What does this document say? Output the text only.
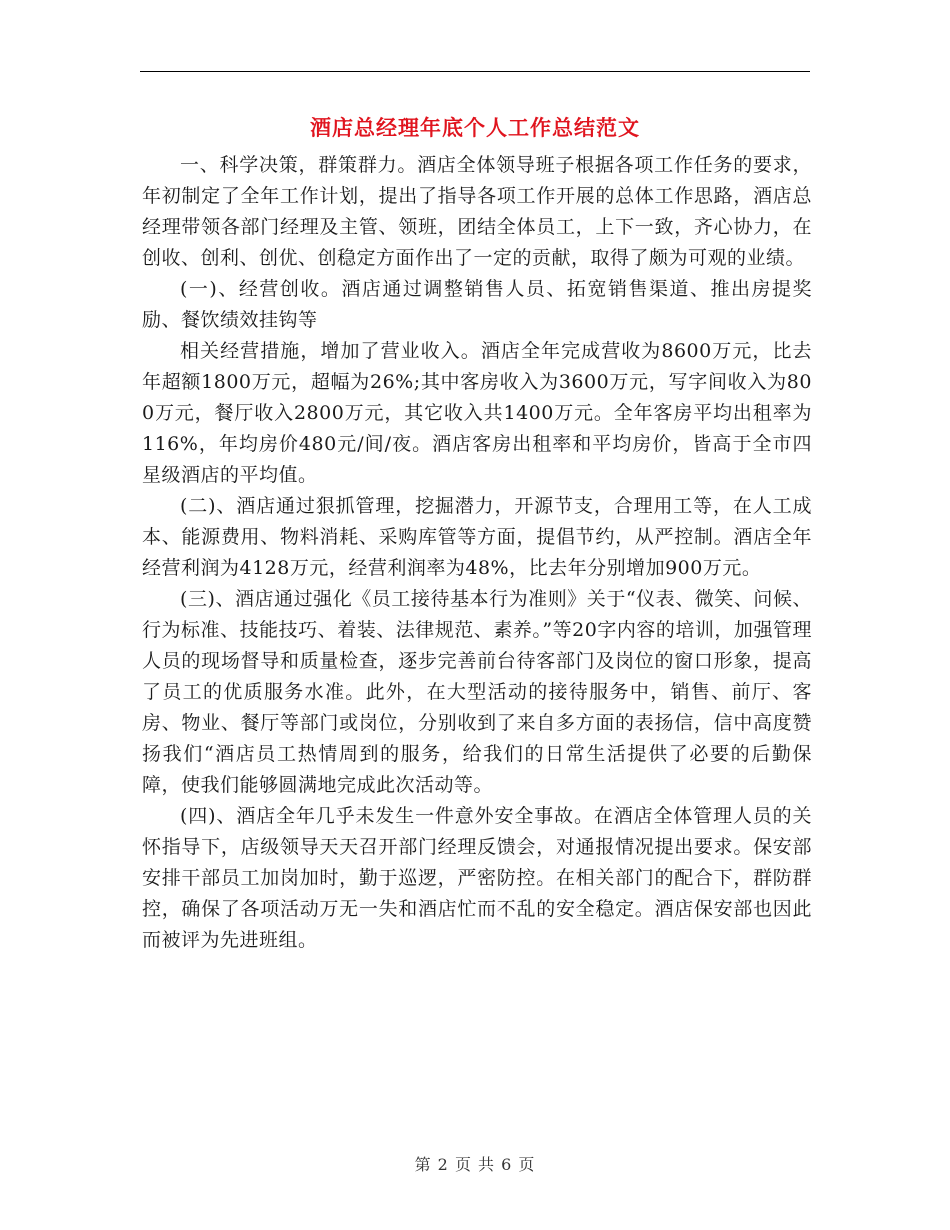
酒店总经理年底个人工作总结范文

一、科学决策，群策群力。酒店全体领导班子根据各项工作任务的要求，年初制定了全年工作计划，提出了指导各项工作开展的总体工作思路，酒店总经理带领各部门经理及主管、领班，团结全体员工，上下一致，齐心协力，在创收、创利、创优、创稳定方面作出了一定的贡献，取得了颇为可观的业绩。

(一)、经营创收。酒店通过调整销售人员、拓宽销售渠道、推出房提奖励、餐饮绩效挂钩等

相关经营措施，增加了营业收入。酒店全年完成营收为8600万元，比去年超额1800万元，超幅为26%;其中客房收入为3600万元，写字间收入为800万元，餐厅收入2800万元，其它收入共1400万元。全年客房平均出租率为116%，年均房价480元/间/夜。酒店客房出租率和平均房价，皆高于全市四星级酒店的平均值。

(二)、酒店通过狠抓管理，挖掘潜力，开源节支，合理用工等，在人工成本、能源费用、物料消耗、采购库管等方面，提倡节约，从严控制。酒店全年经营利润为4128万元，经营利润率为48%，比去年分别增加900万元。

(三)、酒店通过强化《员工接待基本行为准则》关于“仪表、微笑、问候、行为标准、技能技巧、着装、法律规范、素养。”等20字内容的培训，加强管理人员的现场督导和质量检查，逐步完善前台待客部门及岗位的窗口形象，提高了员工的优质服务水准。此外，在大型活动的接待服务中，销售、前厅、客房、物业、餐厅等部门或岗位，分别收到了来自多方面的表扬信，信中高度赞扬我们“酒店员工热情周到的服务，给我们的日常生活提供了必要的后勤保障，使我们能够圆满地完成此次活动等。

(四)、酒店全年几乎未发生一件意外安全事故。在酒店全体管理人员的关怀指导下，店级领导天天召开部门经理反馈会，对通报情况提出要求。保安部安排干部员工加岗加时，勤于巡逻，严密防控。在相关部门的配合下，群防群控，确保了各项活动万无一失和酒店忙而不乱的安全稳定。酒店保安部也因此而被评为先进班组。

第 2 页 共 6 页
